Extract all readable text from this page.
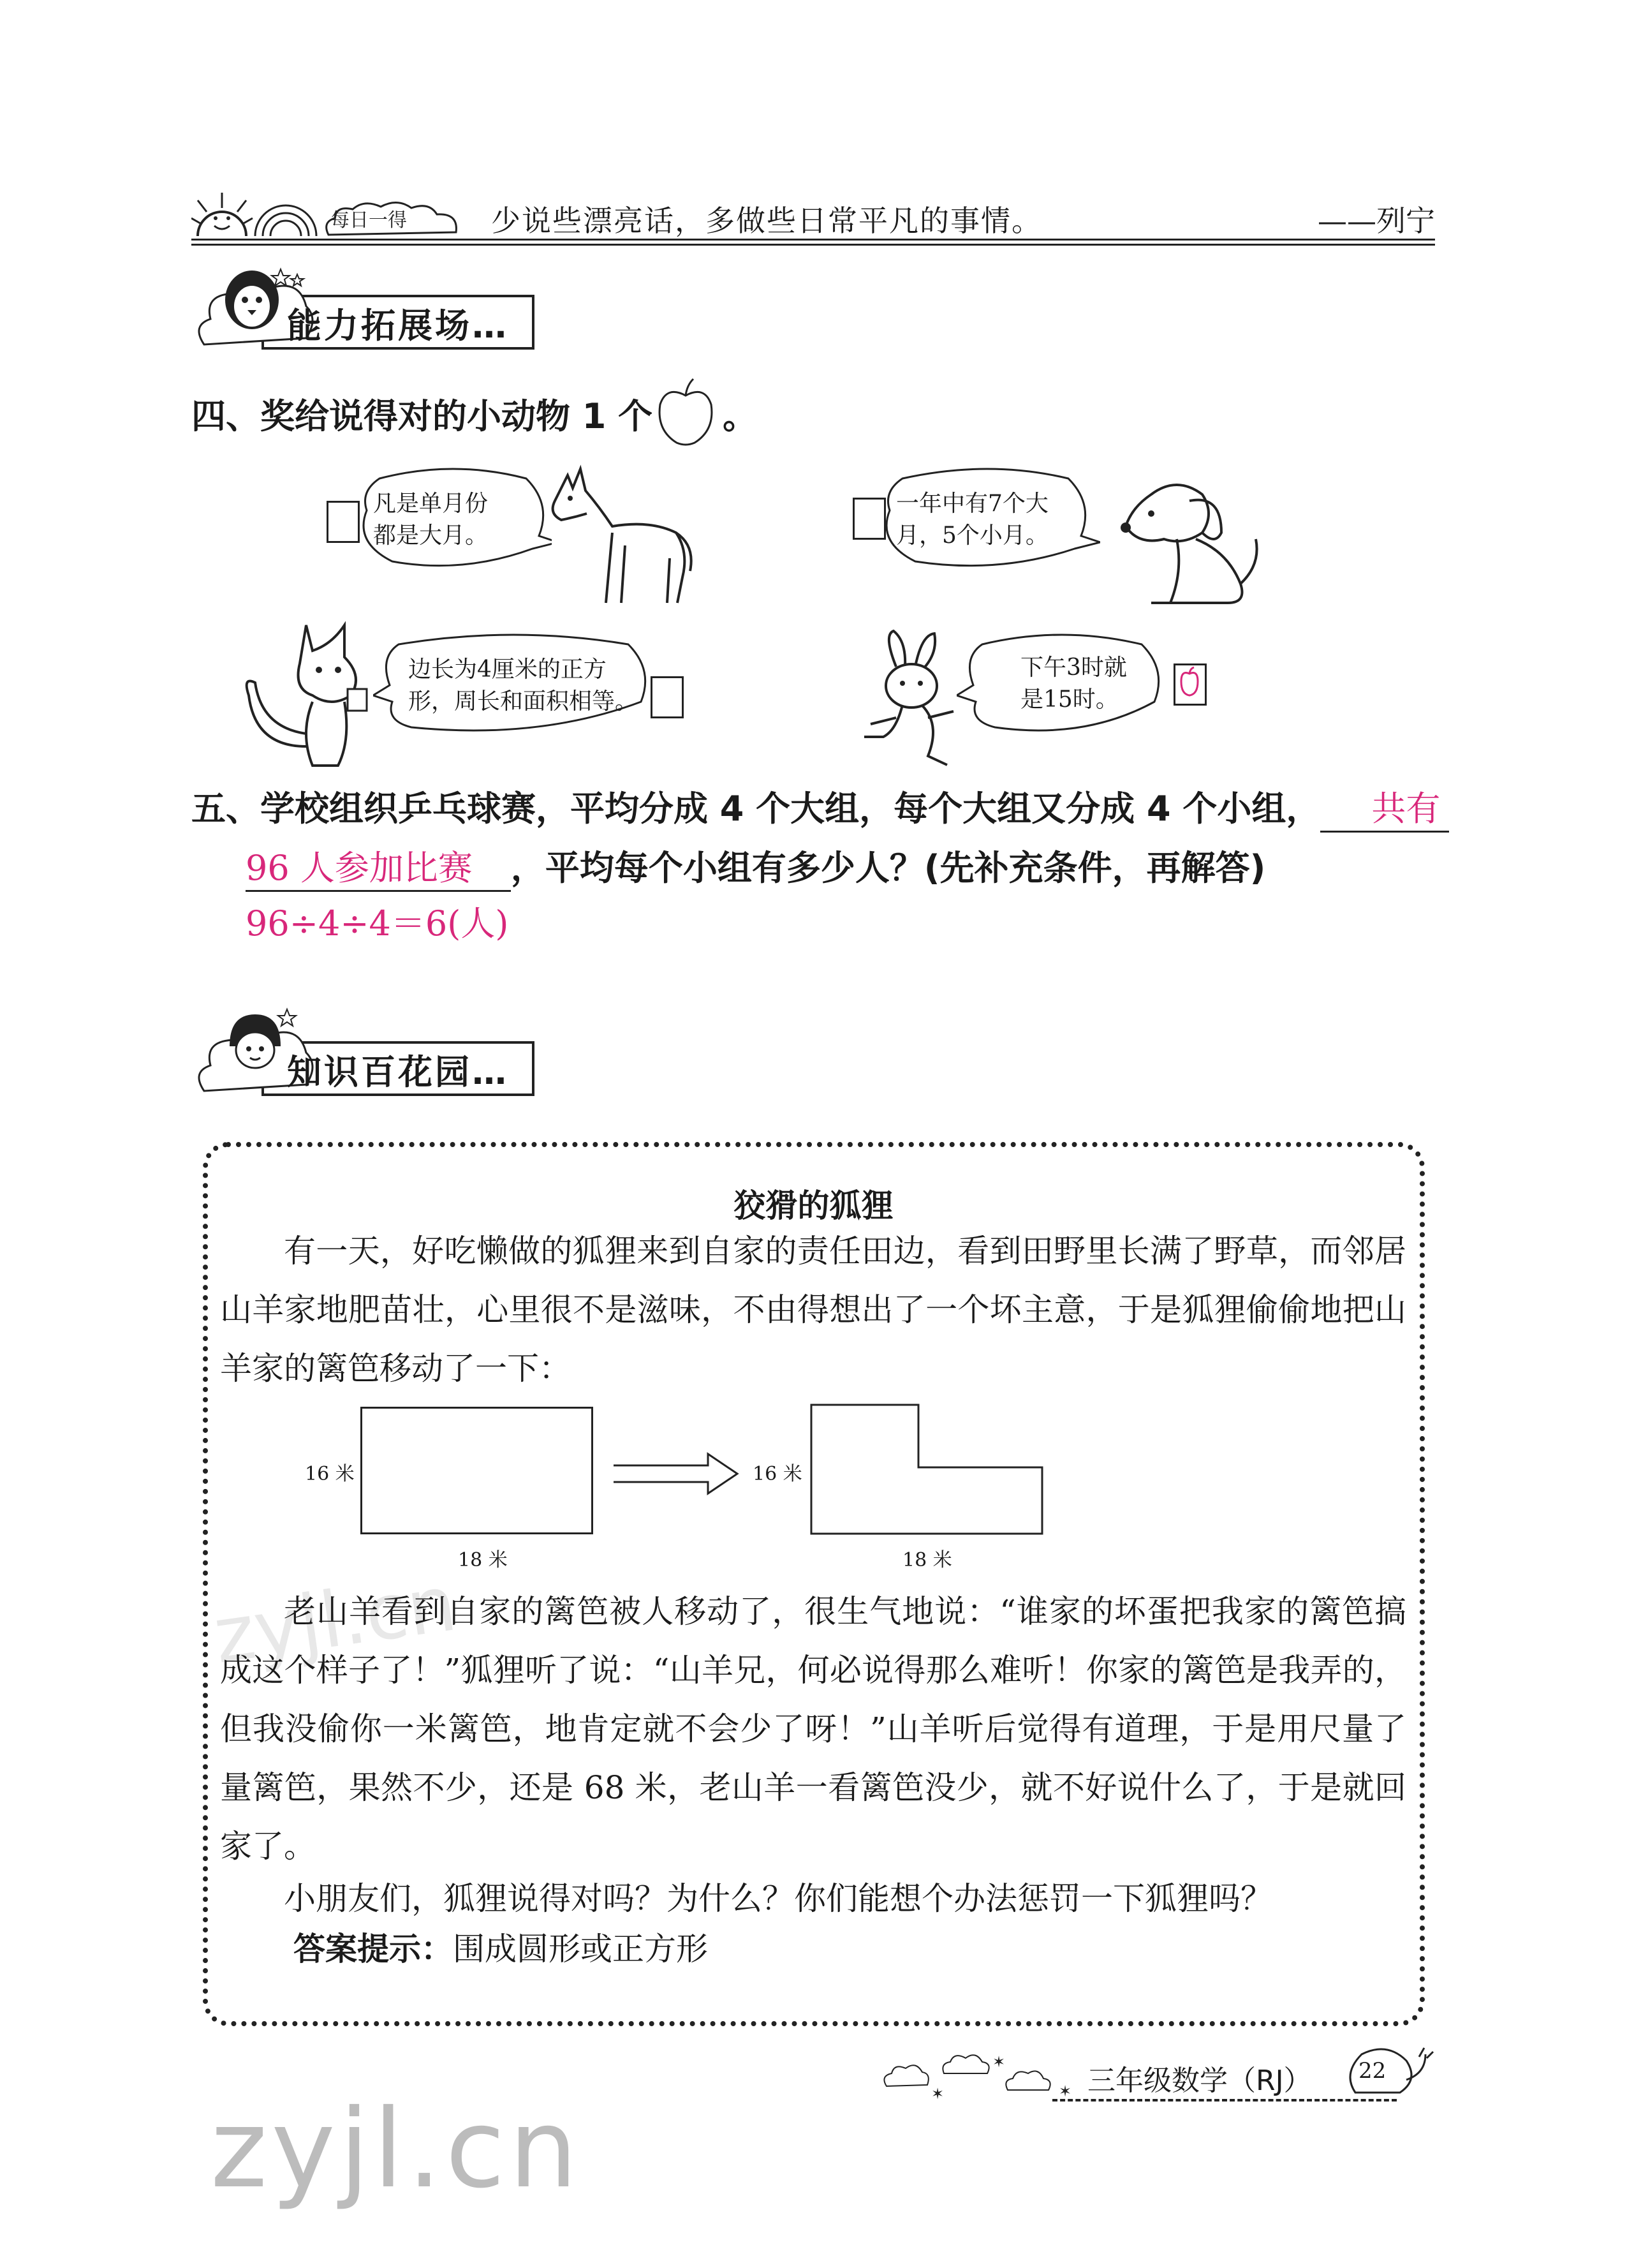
每日一得	少说些漂亮话，多做些日常平凡的事情。	——列宁
能力拓展场…
四、奖给说得对的小动物 1 个 。
凡是单月份
都是大月。
一年中有7个大
月，5个小月。
边长为4厘米的正方
形，周长和面积相等。
下午3时就
是15时。
五、学校组织乒乓球赛，平均分成 4 个大组，每个大组又分成 4 个小组， 共有
96 人参加比赛 ，平均每个小组有多少人？(先补充条件，再解答)
96÷4÷4＝6(人)
知识百花园…
zyjl.cn
狡猾的狐狸
有一天，好吃懒做的狐狸来到自家的责任田边，看到田野里长满了野草，而邻居山羊家地肥苗壮，心里很不是滋味，不由得想出了一个坏主意，于是狐狸偷偷地把山羊家的篱笆移动了一下：
16 米
18 米
16 米
18 米
老山羊看到自家的篱笆被人移动了，很生气地说：“谁家的坏蛋把我家的篱笆搞成这个样子了！”狐狸听了说：“山羊兄，何必说得那么难听！你家的篱笆是我弄的，但我没偷你一米篱笆，地肯定就不会少了呀！”山羊听后觉得有道理，于是用尺量了量篱笆，果然不少，还是 68 米，老山羊一看篱笆没少，就不好说什么了，于是就回家了。
小朋友们，狐狸说得对吗？为什么？你们能想个办法惩罚一下狐狸吗？
答案提示：围成圆形或正方形
✶
✶
✶ 三年级数学（RJ） 22
zyjl.cn
